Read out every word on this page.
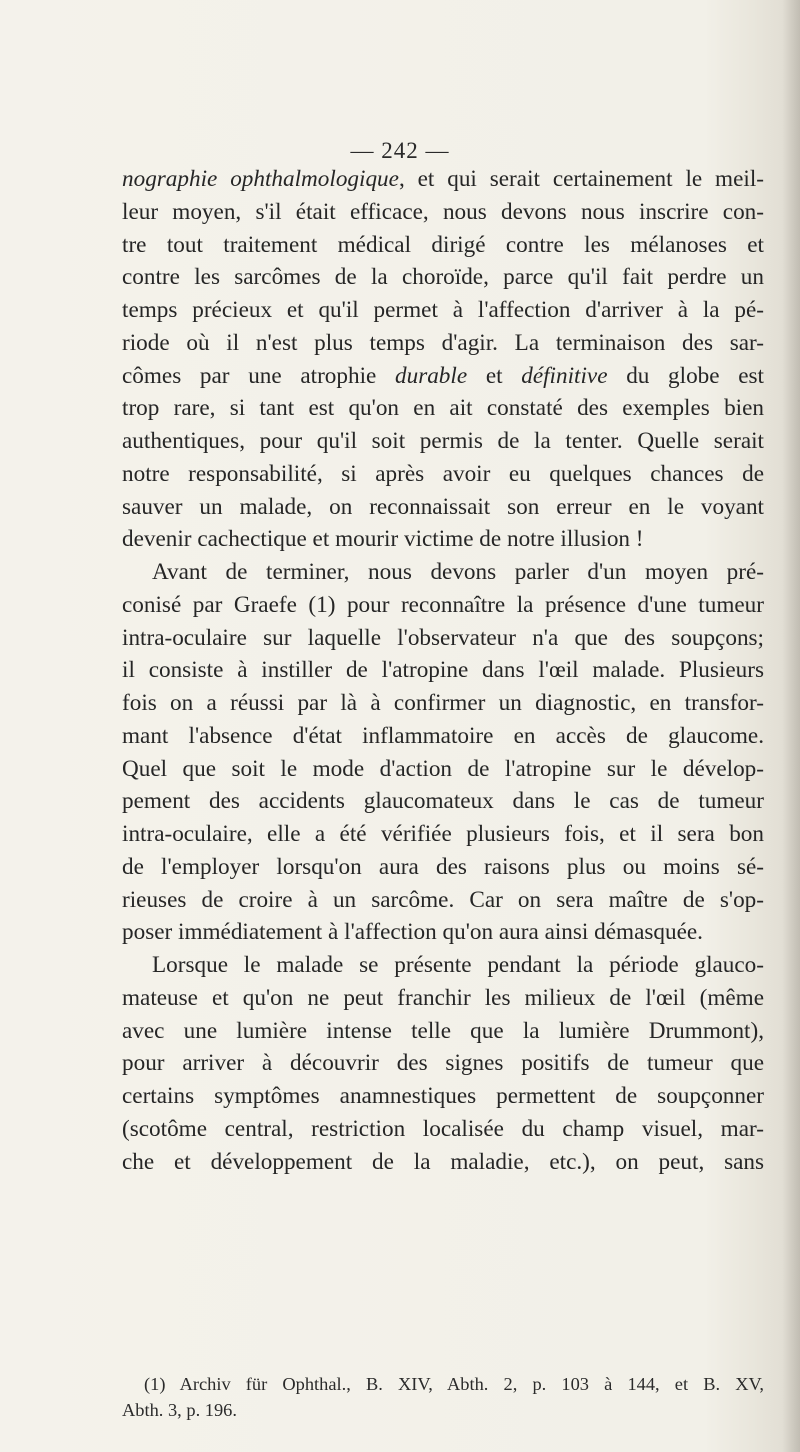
— 242 —
nographie ophthalmologique, et qui serait certainement le meil-
leur moyen, s'il était efficace, nous devons nous inscrire con-
tre tout traitement médical dirigé contre les mélanoses et
contre les sarcômes de la choroïde, parce qu'il fait perdre un
temps précieux et qu'il permet à l'affection d'arriver à la pé-
riode où il n'est plus temps d'agir. La terminaison des sar-
cômes par une atrophie durable et définitive du globe est
trop rare, si tant est qu'on en ait constaté des exemples bien
authentiques, pour qu'il soit permis de la tenter. Quelle serait
notre responsabilité, si après avoir eu quelques chances de
sauver un malade, on reconnaissait son erreur en le voyant
devenir cachectique et mourir victime de notre illusion !
Avant de terminer, nous devons parler d'un moyen pré-
conisé par Graefe (1) pour reconnaître la présence d'une tumeur
intra-oculaire sur laquelle l'observateur n'a que des soupçons;
il consiste à instiller de l'atropine dans l'œil malade. Plusieurs
fois on a réussi par là à confirmer un diagnostic, en transfor-
mant l'absence d'état inflammatoire en accès de glaucome.
Quel que soit le mode d'action de l'atropine sur le dévelop-
pement des accidents glaucomateux dans le cas de tumeur
intra-oculaire, elle a été vérifiée plusieurs fois, et il sera bon
de l'employer lorsqu'on aura des raisons plus ou moins sé-
rieuses de croire à un sarcôme. Car on sera maître de s'op-
poser immédiatement à l'affection qu'on aura ainsi démasquée.
Lorsque le malade se présente pendant la période glauco-
mateuse et qu'on ne peut franchir les milieux de l'œil (même
avec une lumière intense telle que la lumière Drummont),
pour arriver à découvrir des signes positifs de tumeur que
certains symptômes anamnestiques permettent de soupçonner
(scotôme central, restriction localisée du champ visuel, mar-
che et développement de la maladie, etc.), on peut, sans
(1) Archiv für Ophthal., B. XIV, Abth. 2, p. 103 à 144, et B. XV,
Abth. 3, p. 196.
